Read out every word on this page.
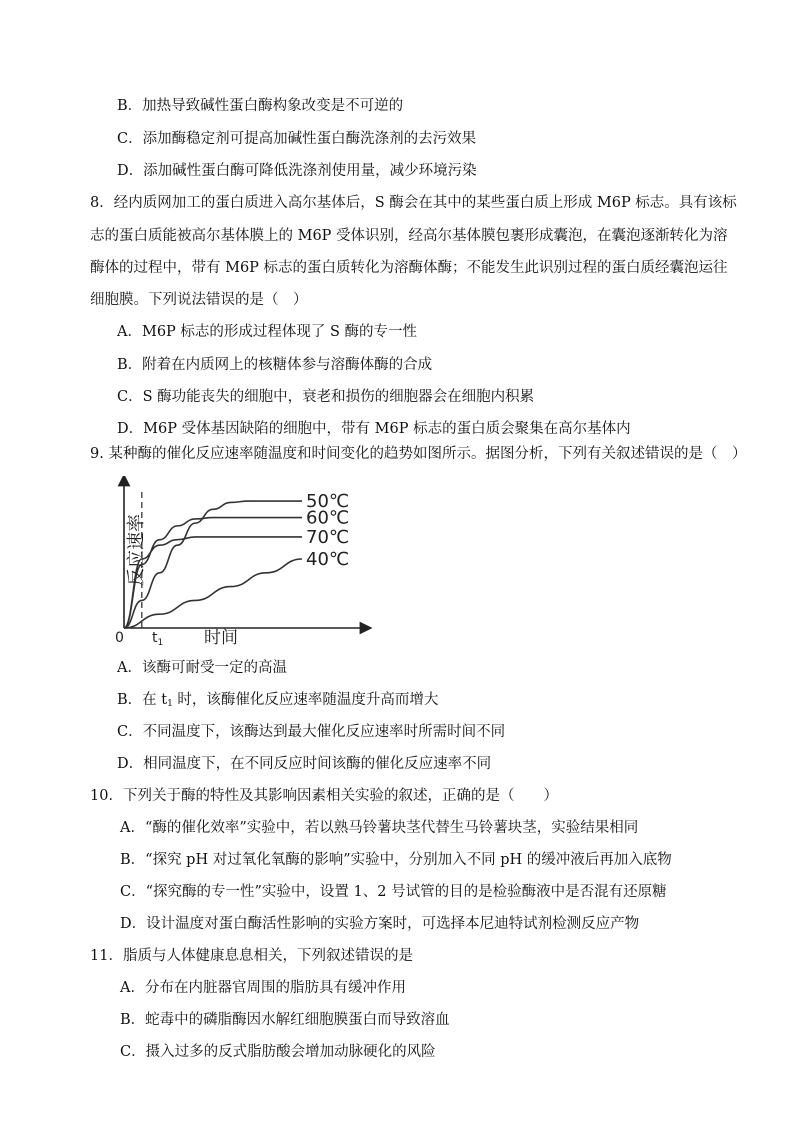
B．加热导致碱性蛋白酶构象改变是不可逆的
C．添加酶稳定剂可提高加碱性蛋白酶洗涤剂的去污效果
D．添加碱性蛋白酶可降低洗涤剂使用量，减少环境污染
8．经内质网加工的蛋白质进入高尔基体后，S 酶会在其中的某些蛋白质上形成 M6P 标志。具有该标
志的蛋白质能被高尔基体膜上的 M6P 受体识别，经高尔基体膜包裹形成囊泡，在囊泡逐渐转化为溶
酶体的过程中，带有 M6P 标志的蛋白质转化为溶酶体酶；不能发生此识别过程的蛋白质经囊泡运往
细胞膜。下列说法错误的是（　）
A．M6P 标志的形成过程体现了 S 酶的专一性
B．附着在内质网上的核糖体参与溶酶体酶的合成
C．S 酶功能丧失的细胞中，衰老和损伤的细胞器会在细胞内积累
D．M6P 受体基因缺陷的细胞中，带有 M6P 标志的蛋白质会聚集在高尔基体内
9. 某种酶的催化反应速率随温度和时间变化的趋势如图所示。据图分析，下列有关叙述错误的是（　）
50℃
60℃
70℃
40℃
反应速率
0 $t_1$ 时间
A．该酶可耐受一定的高温
B．在 $t_1$ 时，该酶催化反应速率随温度升高而增大
C．不同温度下，该酶达到最大催化反应速率时所需时间不同
D．相同温度下，在不同反应时间该酶的催化反应速率不同
10．下列关于酶的特性及其影响因素相关实验的叙述，正确的是（　　）
A．“酶的催化效率”实验中，若以熟马铃薯块茎代替生马铃薯块茎，实验结果相同
B．“探究 pH 对过氧化氧酶的影响”实验中，分别加入不同 pH 的缓冲液后再加入底物
C．“探究酶的专一性”实验中，设置 1、2 号试管的目的是检验酶液中是否混有还原糖
D．设计温度对蛋白酶活性影响的实验方案时，可选择本尼迪特试剂检测反应产物
11．脂质与人体健康息息相关，下列叙述错误的是
A．分布在内脏器官周围的脂肪具有缓冲作用
B．蛇毒中的磷脂酶因水解红细胞膜蛋白而导致溶血
C．摄入过多的反式脂肪酸会增加动脉硬化的风险
